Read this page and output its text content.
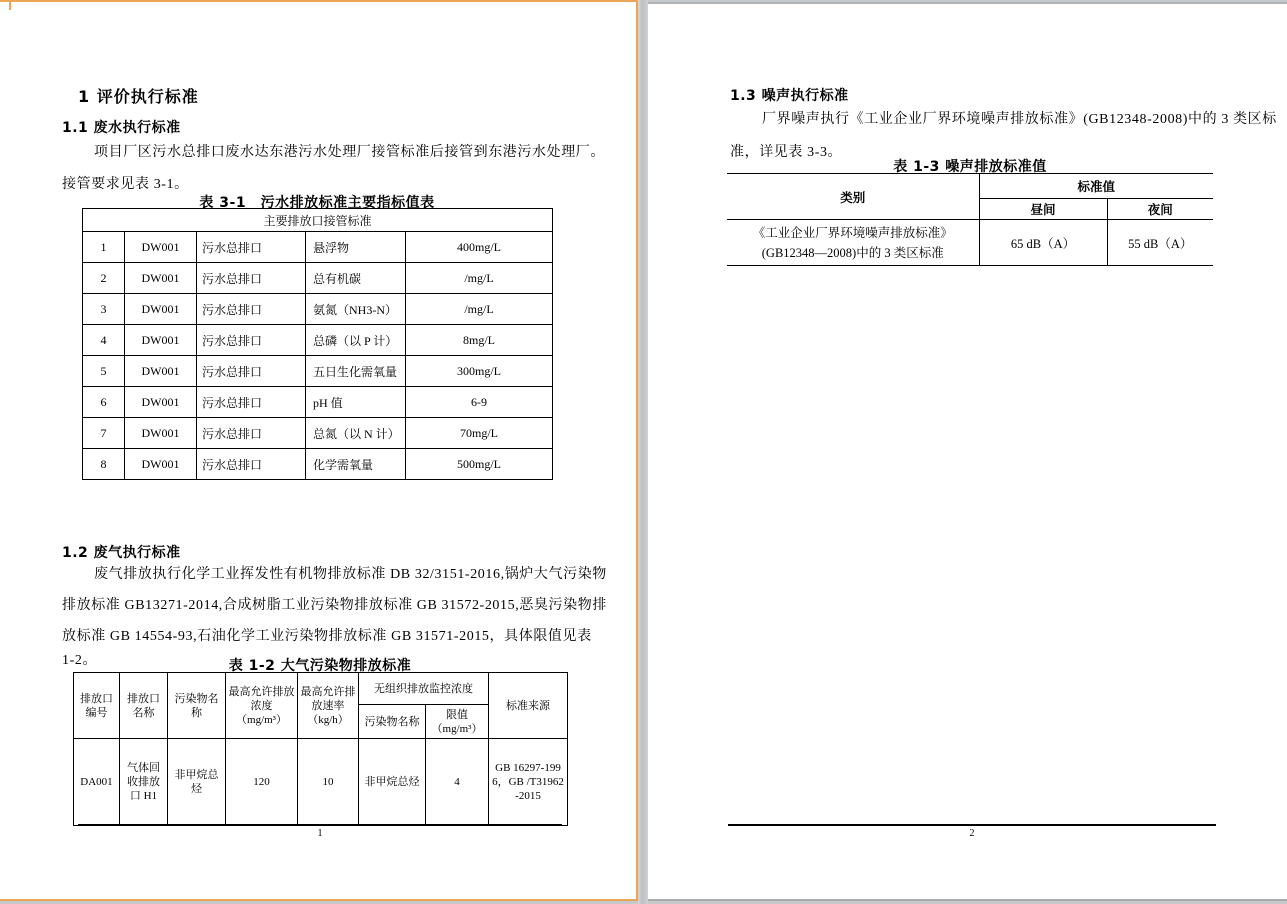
1 评价执行标准
1.1 废水执行标准
项目厂区污水总排口废水达东港污水处理厂接管标准后接管到东港污水处理厂。
接管要求见表 3-1。
表 3-1　污水排放标准主要指标值表
主要排放口接管标准				
1	DW001	污水总排口	悬浮物	400mg/L
2	DW001	污水总排口	总有机碳	/mg/L
3	DW001	污水总排口	氨氮（NH3-N）	/mg/L
4	DW001	污水总排口	总磷（以 P 计）	8mg/L
5	DW001	污水总排口	五日生化需氧量	300mg/L
6	DW001	污水总排口	pH 值	6-9
7	DW001	污水总排口	总氮（以 N 计）	70mg/L
8	DW001	污水总排口	化学需氧量	500mg/L
1.2 废气执行标准
废气排放执行化学工业挥发性有机物排放标准 DB 32/3151-2016,锅炉大气污染物
排放标准 GB13271-2014,合成树脂工业污染物排放标准 GB 31572-2015,恶臭污染物排
放标准 GB 14554-93,石油化学工业污染物排放标准 GB 31571-2015，具体限值见表
1-2。	表 1-2 大气污染物排放标准
排放口编号	排放口名称	污染物名称	最高允许排放浓度（mg/m³）	最高允许排放速率（kg/h）	无组织排放监控浓度		标准来源
					污染物名称	限值（mg/m³）	
DA001	气体回收排放口 H1	非甲烷总烃	120	10	非甲烷总烃	4	GB 16297-1996，GB /T31962-2015
1
1.3 噪声执行标准
厂界噪声执行《工业企业厂界环境噪声排放标准》(GB12348-2008)中的 3 类区标
准，详见表 3-3。
表 1-3 噪声排放标准值
类别	标准值	
	昼间	夜间

《工业企业厂界环境噪声排放标准》
(GB12348—2008)中的 3 类区标准	65 dB（A）	55 dB（A）
2
